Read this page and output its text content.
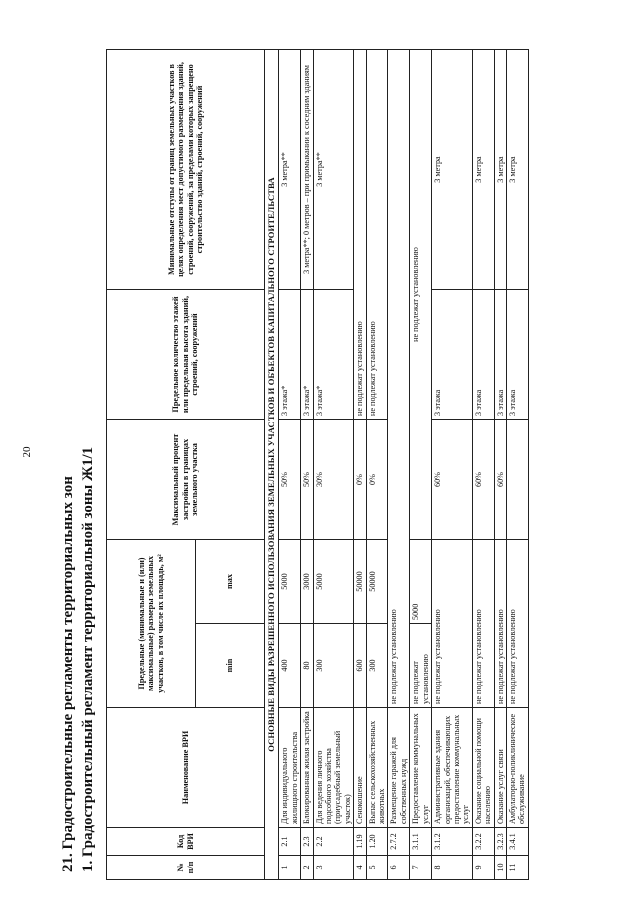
20

21. Градостроительные регламенты территориальных зон 1. Градостроительный регламент территориальной зоны Ж1/1	№ п/п	Код ВРИ	Наименование ВРИ	Предельные (минимальные и (или) максимальные) размеры земельных участков, в том числе их площадь, м²		Максимальный процент застройки в границах земельного участка	Предельное количество этажей или предельная высота зданий, строений, сооружений	Минимальные отступы от границ земельных участков в целях определения мест допустимого размещения зданий, строений, сооружений, за пределами которых запрещено строительство зданий, строений, сооружений
			min	max			
ОСНОВНЫЕ ВИДЫ РАЗРЕШЕННОГО ИСПОЛЬЗОВАНИЯ ЗЕМЕЛЬНЫХ УЧАСТКОВ И ОБЪЕКТОВ КАПИТАЛЬНОГО СТРОИТЕЛЬСТВА							
1	2.1	Для индивидуального жилищного строительства	400	5000	50%	3 этажа*	3 метра**
2	2.3	Блокированная жилая застройка	80	3000	50%	3 этажа*	3 метра**; 0 метров – при примыкании к соседним зданиям
3	2.2	Для ведения личного подсобного хозяйства (приусадебный земельный участок)	300	5000	30%	3 этажа*	3 метра**
4	1.19	Сенокошение	600	50000	0%	не подлежат установлению	
5	1.20	Выпас сельскохозяйственных животных	300	50000	0%	не подлежат установлению	
6	2.7.2	Размещение гаражей для собственных нужд	не подлежат установлению				
7	3.1.1	Предоставление коммунальных услуг	не подлежат установлению	5000	не подлежат установлению		
8	3.1.2	Административные здания организаций, обеспечивающих предоставление коммунальных услуг	не подлежат установлению		60%	3 этажа	3 метра
9	3.2.2	Оказание социальной помощи населению	не подлежат установлению		60%	3 этажа	3 метра
10	3.2.3	Оказание услуг связи	не подлежат установлению		60%	3 этажа	3 метра
11	3.4.1	Амбулаторно-поликлиническое обслуживание	не подлежат установлению			3 этажа	3 метра
